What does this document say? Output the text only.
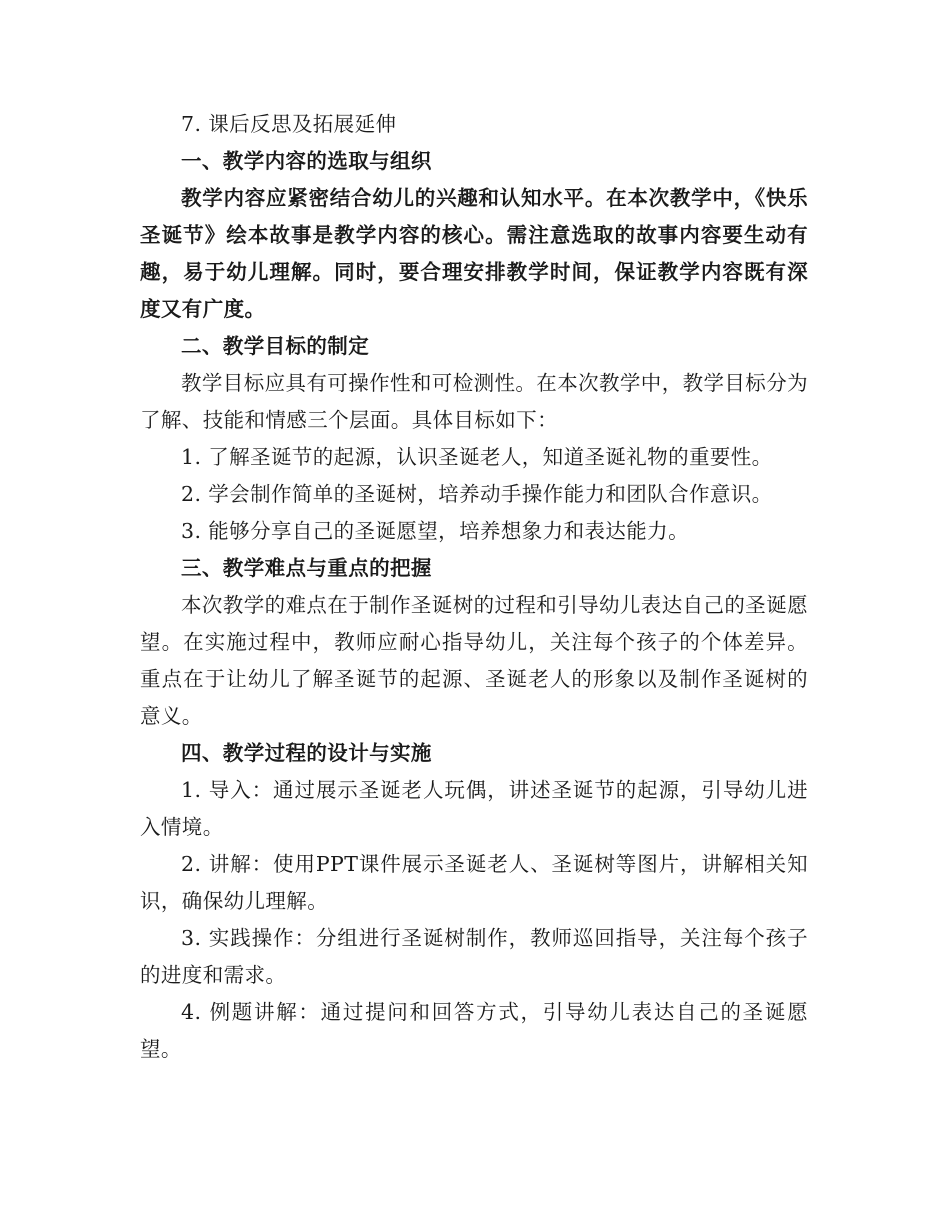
7. 课后反思及拓展延伸

一、教学内容的选取与组织

教学内容应紧密结合幼儿的兴趣和认知水平。在本次教学中，《快乐圣诞节》绘本故事是教学内容的核心。需注意选取的故事内容要生动有趣，易于幼儿理解。同时，要合理安排教学时间，保证教学内容既有深度又有广度。

二、教学目标的制定

教学目标应具有可操作性和可检测性。在本次教学中，教学目标分为了解、技能和情感三个层面。具体目标如下：

1. 了解圣诞节的起源，认识圣诞老人，知道圣诞礼物的重要性。

2. 学会制作简单的圣诞树，培养动手操作能力和团队合作意识。

3. 能够分享自己的圣诞愿望，培养想象力和表达能力。

三、教学难点与重点的把握

本次教学的难点在于制作圣诞树的过程和引导幼儿表达自己的圣诞愿望。在实施过程中，教师应耐心指导幼儿，关注每个孩子的个体差异。重点在于让幼儿了解圣诞节的起源、圣诞老人的形象以及制作圣诞树的意义。

四、教学过程的设计与实施

1. 导入：通过展示圣诞老人玩偶，讲述圣诞节的起源，引导幼儿进入情境。

2. 讲解：使用PPT课件展示圣诞老人、圣诞树等图片，讲解相关知识，确保幼儿理解。

3. 实践操作：分组进行圣诞树制作，教师巡回指导，关注每个孩子的进度和需求。

4. 例题讲解：通过提问和回答方式，引导幼儿表达自己的圣诞愿望。
